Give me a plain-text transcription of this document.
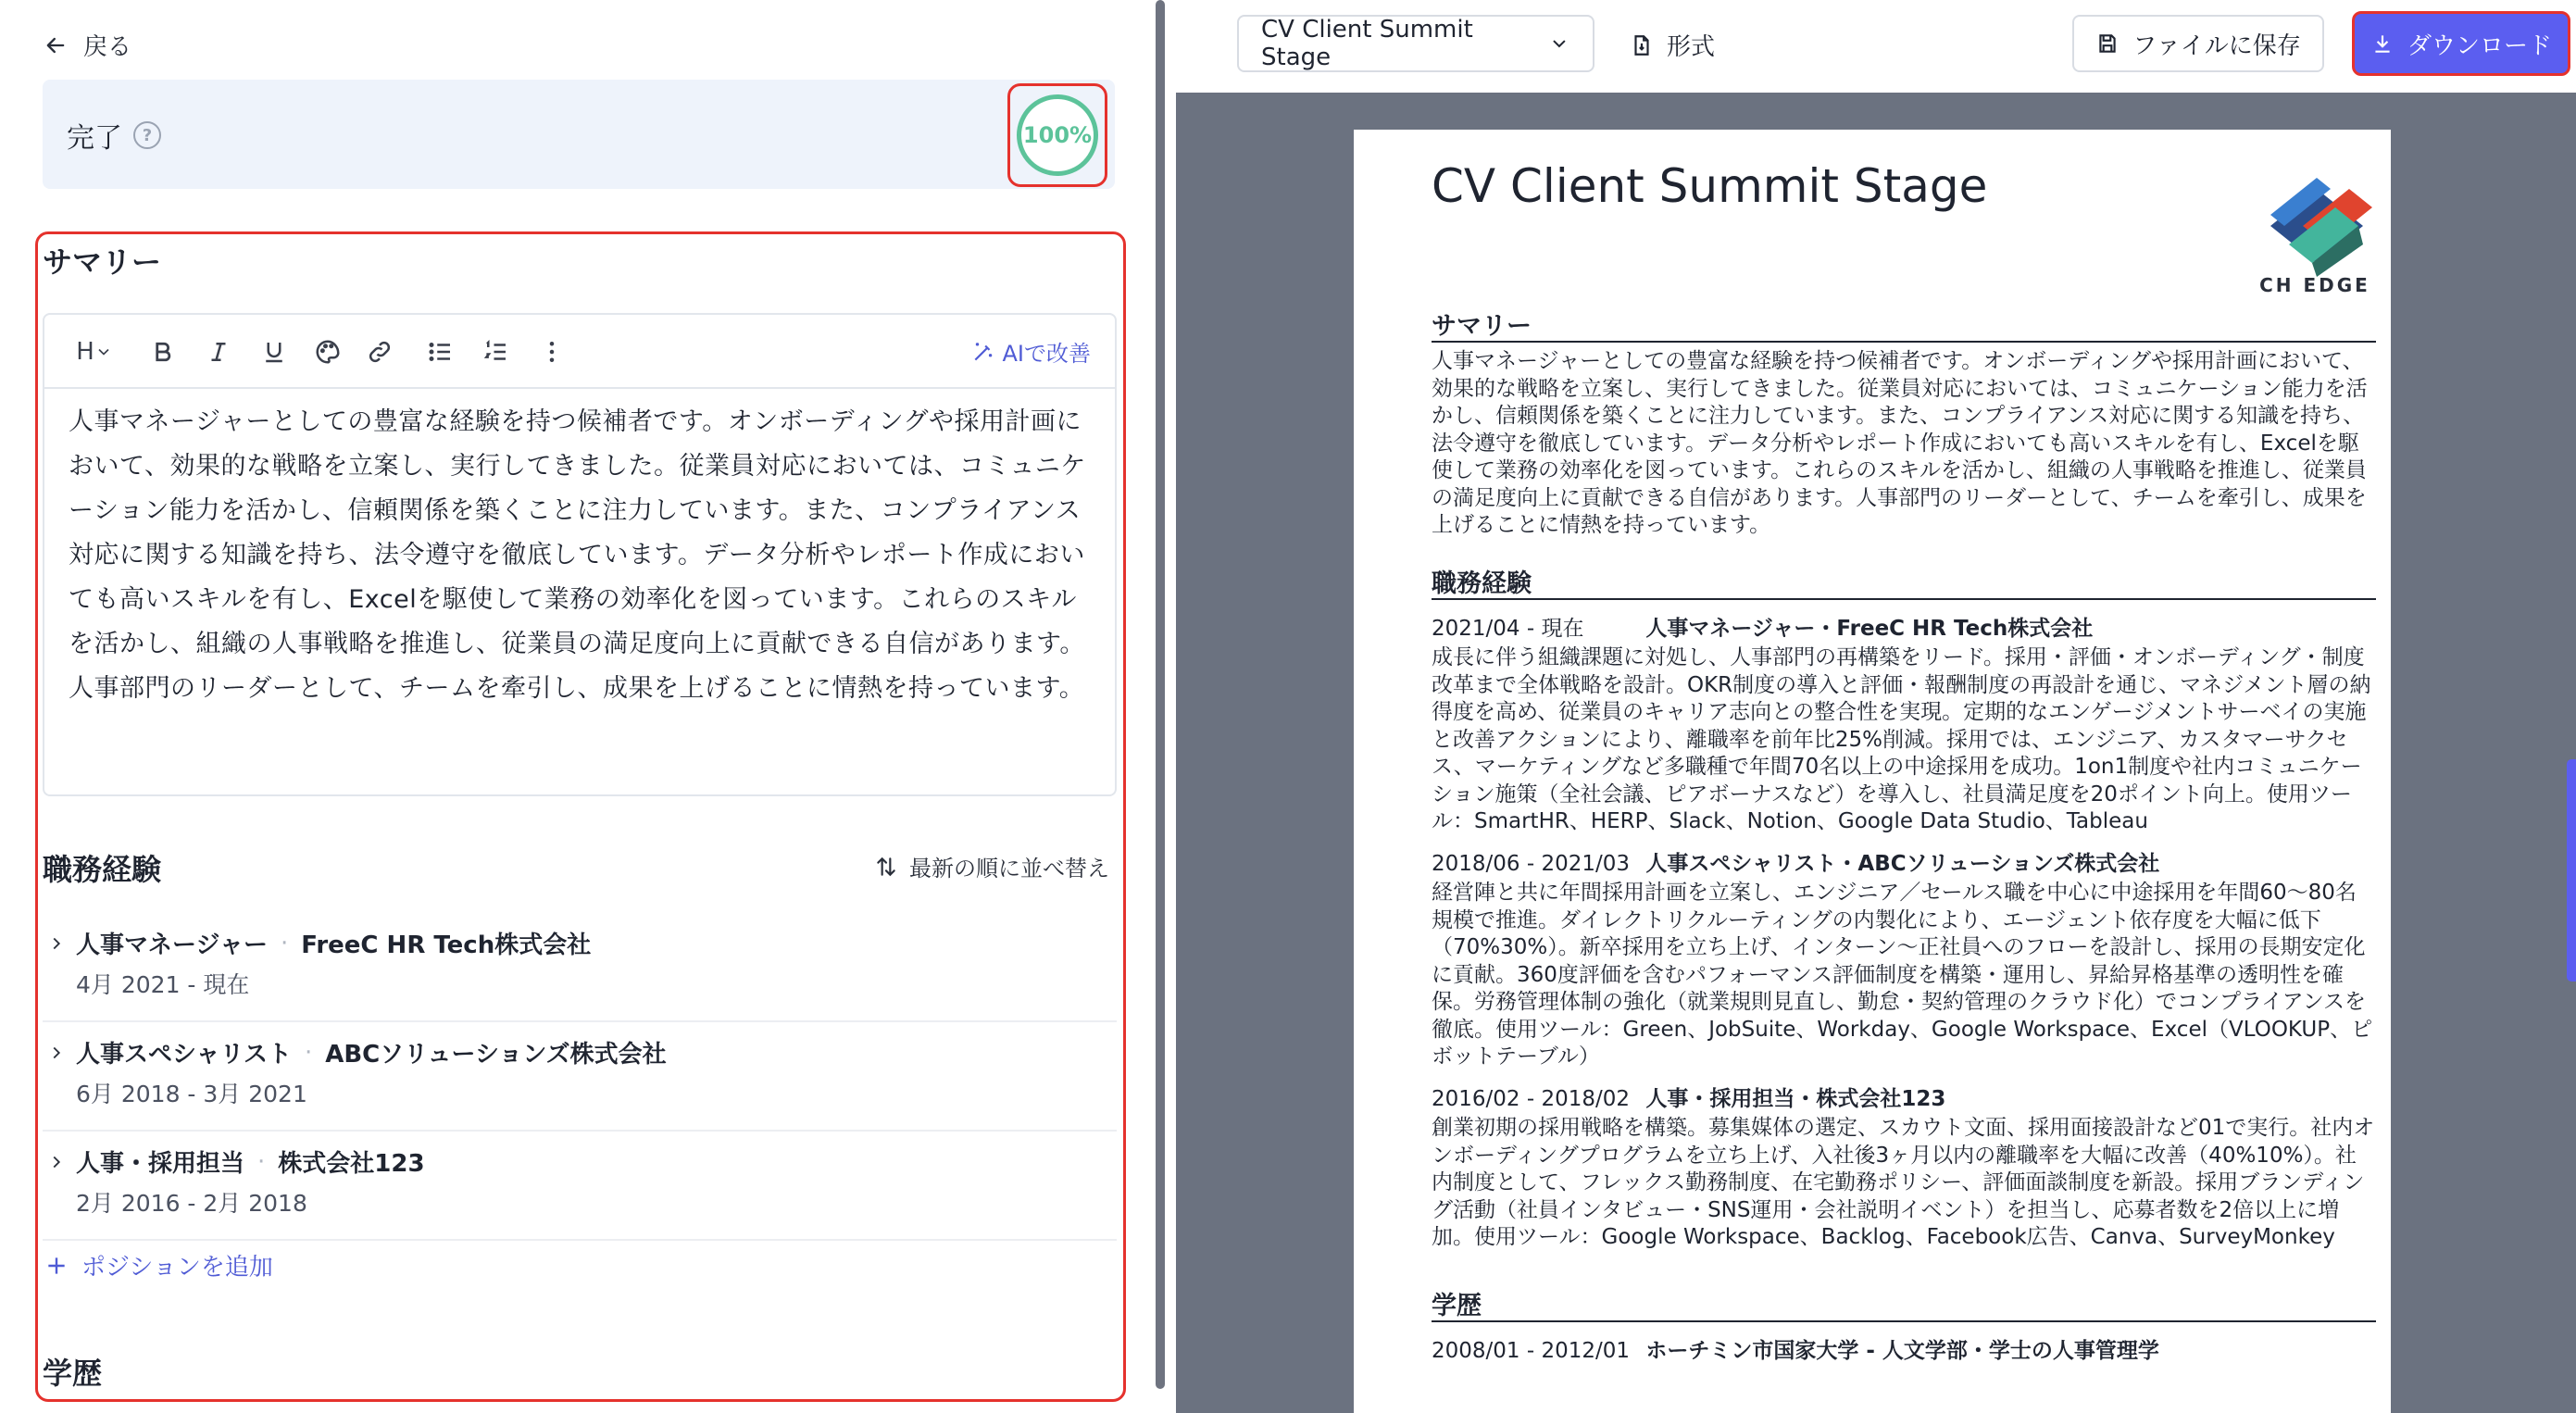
戻る
完了	?	100%
サマリー
H	AIで改善
人事マネージャーとしての豊富な経験を持つ候補者です。オンボーディングや採用計画において、効果的な戦略を立案し、実行してきました。従業員対応においては、コミュニケーション能力を活かし、信頼関係を築くことに注力しています。また、コンプライアンス対応に関する知識を持ち、法令遵守を徹底しています。データ分析やレポート作成においても高いスキルを有し、Excelを駆使して業務の効率化を図っています。これらのスキルを活かし、組織の人事戦略を推進し、従業員の満足度向上に貢献できる自信があります。人事部門のリーダーとして、チームを牽引し、成果を上げることに情熱を持っています。
職務経験	最新の順に並べ替え
人事マネージャー · FreeC HR Tech株式会社
4月 2021 - 現在
人事スペシャリスト · ABCソリューションズ株式会社
6月 2018 - 3月 2021
人事・採用担当 · 株式会社123
2月 2016 - 2月 2018
ポジションを追加
学歴
CV Client Summit Stage	形式	ファイルに保存	ダウンロード
CV Client Summit Stage
CH EDGE
サマリー
人事マネージャーとしての豊富な経験を持つ候補者です。オンボーディングや採用計画において、効果的な戦略を立案し、実行してきました。従業員対応においては、コミュニケーション能力を活かし、信頼関係を築くことに注力しています。また、コンプライアンス対応に関する知識を持ち、法令遵守を徹底しています。データ分析やレポート作成においても高いスキルを有し、Excelを駆使して業務の効率化を図っています。これらのスキルを活かし、組織の人事戦略を推進し、従業員の満足度向上に貢献できる自信があります。人事部門のリーダーとして、チームを牽引し、成果を上げることに情熱を持っています。
職務経験
2021/04 - 現在	人事マネージャー・FreeC HR Tech株式会社
成長に伴う組織課題に対処し、人事部門の再構築をリード。採用・評価・オンボーディング・制度改革まで全体戦略を設計。OKR制度の導入と評価・報酬制度の再設計を通じ、マネジメント層の納得度を高め、従業員のキャリア志向との整合性を実現。定期的なエンゲージメントサーベイの実施と改善アクションにより、離職率を前年比25%削減。採用では、エンジニア、カスタマーサクセス、マーケティングなど多職種で年間70名以上の中途採用を成功。1on1制度や社内コミュニケーション施策（全社会議、ピアボーナスなど）を導入し、社員満足度を20ポイント向上。使用ツール：SmartHR、HERP、Slack、Notion、Google Data Studio、Tableau
2018/06 - 2021/03 人事スペシャリスト・ABCソリューションズ株式会社
経営陣と共に年間採用計画を立案し、エンジニア／セールス職を中心に中途採用を年間60〜80名規模で推進。ダイレクトリクルーティングの内製化により、エージェント依存度を大幅に低下（70%30%）。新卒採用を立ち上げ、インターン〜正社員へのフローを設計し、採用の長期安定化に貢献。360度評価を含むパフォーマンス評価制度を構築・運用し、昇給昇格基準の透明性を確保。労務管理体制の強化（就業規則見直し、勤怠・契約管理のクラウド化）でコンプライアンスを徹底。使用ツール：Green、JobSuite、Workday、Google Workspace、Excel（VLOOKUP、ピボットテーブル）
2016/02 - 2018/02 人事・採用担当・株式会社123
創業初期の採用戦略を構築。募集媒体の選定、スカウト文面、採用面接設計など01で実行。社内オンボーディングプログラムを立ち上げ、入社後3ヶ月以内の離職率を大幅に改善（40%10%）。社内制度として、フレックス勤務制度、在宅勤務ポリシー、評価面談制度を新設。採用ブランディング活動（社員インタビュー・SNS運用・会社説明イベント）を担当し、応募者数を2倍以上に増加。使用ツール：Google Workspace、Backlog、Facebook広告、Canva、SurveyMonkey
学歴
2008/01 - 2012/01 ホーチミン市国家大学 - 人文学部・学士の人事管理学
